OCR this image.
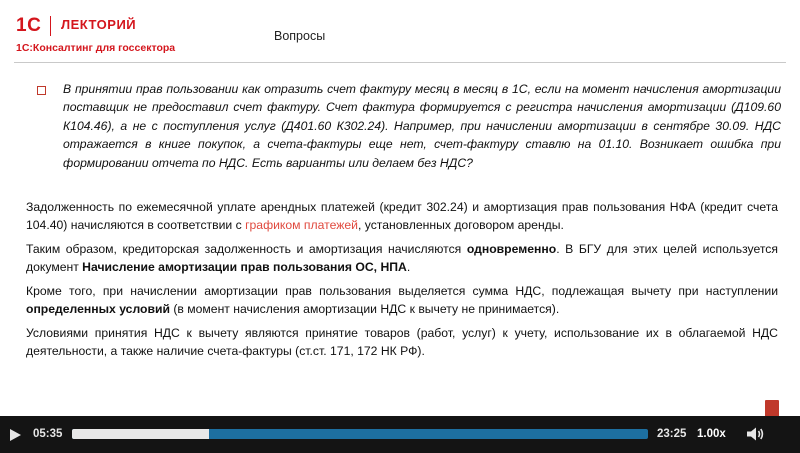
1 С ЛЕКТОРИЙ
1С:Консалтинг для госсектора
Вопросы
В принятии прав пользовании как отразить счет фактуру месяц в месяц в 1С, если на момент начисления амортизации поставщик не предоставил счет фактуру. Счет фактура формируется с регистра начисления амортизации (Д109.60 К104.46), а не с поступления услуг (Д401.60 К302.24). Например, при начислении амортизации в сентябре 30.09. НДС отражается в книге покупок, а счета-фактуры еще нет, счет-фактуру ставлю на 01.10. Возникает ошибка при формировании отчета по НДС. Есть варианты или делаем без НДС?
Задолженность по ежемесячной уплате арендных платежей (кредит 302.24) и амортизация прав пользования НФА (кредит счета 104.40) начисляются в соответствии с графиком платежей, установленных договором аренды.
Таким образом, кредиторская задолженность и амортизация начисляются одновременно. В БГУ для этих целей используется документ Начисление амортизации прав пользования ОС, НПА.
Кроме того, при начислении амортизации прав пользования выделяется сумма НДС, подлежащая вычету при наступлении определенных условий (в момент начисления амортизации НДС к вычету не принимается).
Условиями принятия НДС к вычету являются принятие товаров (работ, услуг) к учету, использование их в облагаемой НДС деятельности, а также наличие счета-фактуры (ст.ст. 171, 172 НК РФ).
05:35	23:25 1.00x
